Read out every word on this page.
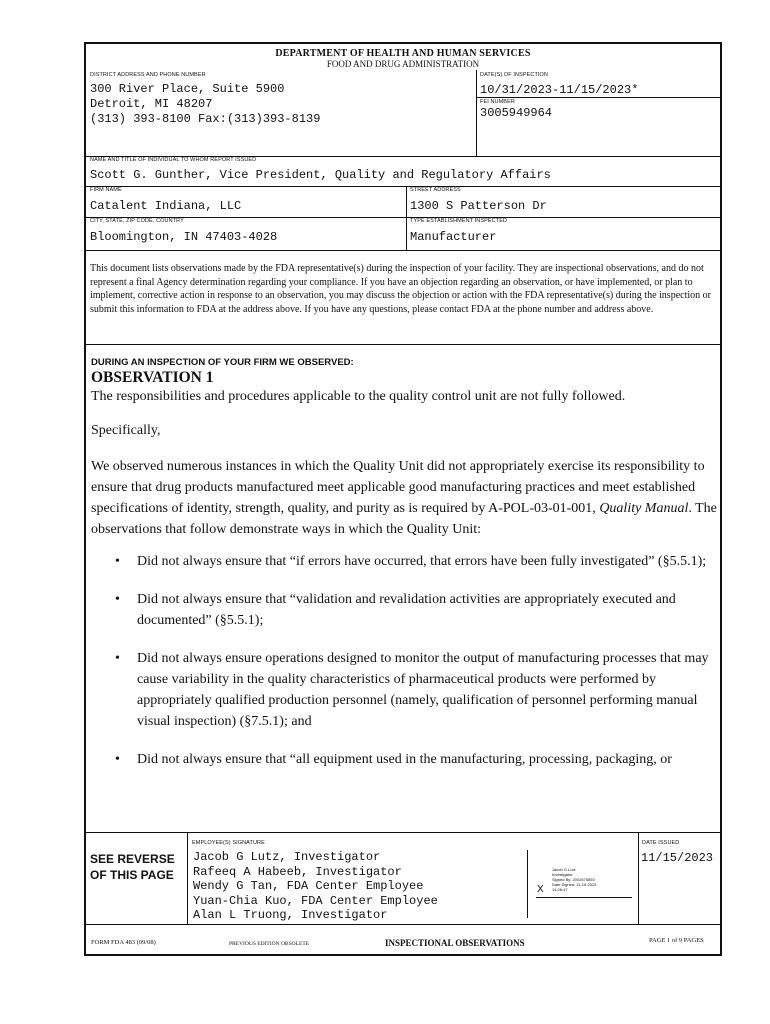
DEPARTMENT OF HEALTH AND HUMAN SERVICES
FOOD AND DRUG ADMINISTRATION
DISTRICT ADDRESS AND PHONE NUMBER
300 River Place, Suite 5900
Detroit, MI 48207
(313) 393-8100 Fax:(313)393-8139
DATE(S) OF INSPECTION
10/31/2023-11/15/2023*
FEI NUMBER
3005949964
NAME AND TITLE OF INDIVIDUAL TO WHOM REPORT ISSUED
Scott G. Gunther, Vice President, Quality and Regulatory Affairs
FIRM NAME
Catalent Indiana, LLC
STREET ADDRESS
1300 S Patterson Dr
CITY, STATE, ZIP CODE, COUNTRY
Bloomington, IN 47403-4028
TYPE ESTABLISHMENT INSPECTED
Manufacturer
This document lists observations made by the FDA representative(s) during the inspection of your facility. They are inspectional observations, and do not represent a final Agency determination regarding your compliance. If you have an objection regarding an observation, or have implemented, or plan to implement, corrective action in response to an observation, you may discuss the objection or action with the FDA representative(s) during the inspection or submit this information to FDA at the address above. If you have any questions, please contact FDA at the phone number and address above.
DURING AN INSPECTION OF YOUR FIRM WE OBSERVED:
OBSERVATION 1
The responsibilities and procedures applicable to the quality control unit are not fully followed.
Specifically,
We observed numerous instances in which the Quality Unit did not appropriately exercise its responsibility to ensure that drug products manufactured meet applicable good manufacturing practices and meet established specifications of identity, strength, quality, and purity as is required by A-POL-03-01-001, Quality Manual. The observations that follow demonstrate ways in which the Quality Unit:
• Did not always ensure that “if errors have occurred, that errors have been fully investigated” (§5.5.1);
• Did not always ensure that “validation and revalidation activities are appropriately executed and documented” (§5.5.1);
• Did not always ensure operations designed to monitor the output of manufacturing processes that may cause variability in the quality characteristics of pharmaceutical products were performed by appropriately qualified production personnel (namely, qualification of personnel performing manual visual inspection) (§7.5.1); and
• Did not always ensure that “all equipment used in the manufacturing, processing, packaging, or
SEE REVERSE
OF THIS PAGE
EMPLOYEE(S) SIGNATURE
Jacob G Lutz, Investigator
Rafeeq A Habeeb, Investigator
Wendy G Tan, FDA Center Employee
Yuan-Chia Kuo, FDA Center Employee
Alan L Truong, Investigator
X
Jacob G Lutz
Investigator
Signed By: 2002675850
Date Signed: 11-15-2023
14:28:47
DATE ISSUED
11/15/2023
FORM FDA 483 (09/08)	PREVIOUS EDITION OBSOLETE	INSPECTIONAL OBSERVATIONS	PAGE 1 of 9 PAGES
